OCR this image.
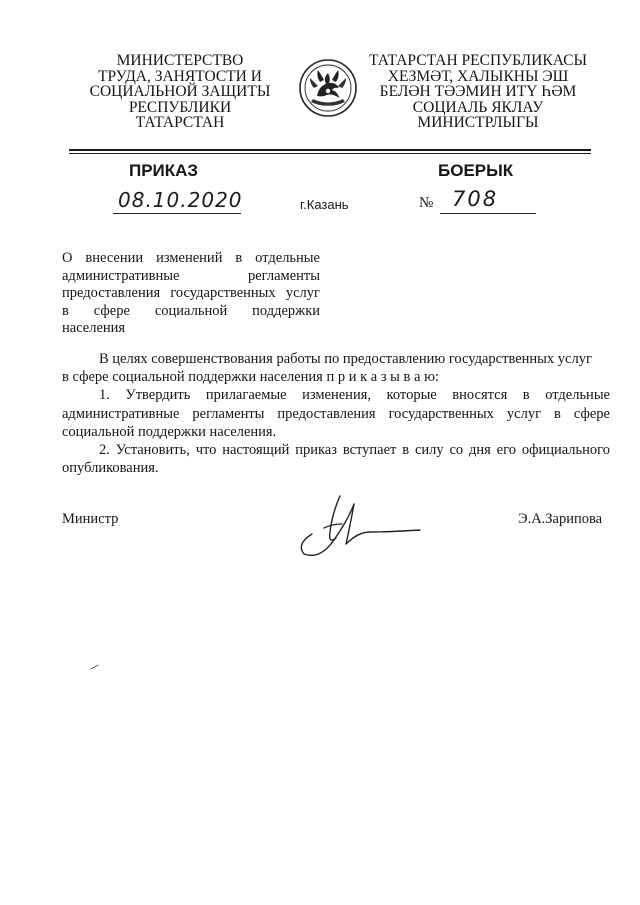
МИНИСТЕРСТВО
ТРУДА, ЗАНЯТОСТИ И
СОЦИАЛЬНОЙ ЗАЩИТЫ
РЕСПУБЛИКИ
ТАТАРСТАН
ТАТАРСТАН РЕСПУБЛИКАСЫ
ХЕЗМӘТ, ХАЛЫКНЫ ЭШ
БЕЛӘН ТӘЭМИН ИТҮ ҺӘМ
СОЦИАЛЬ ЯКЛАУ
МИНИСТРЛЫГЫ
ПРИКАЗ	БОЕРЫК
08.10.2020	г.Казань	№ 708
О внесении изменений в отдельные
административные регламенты
предоставления государственных услуг
в сфере социальной поддержки
населения

В целях совершенствования работы по предоставлению государственных услуг

в сфере социальной поддержки населения п р и к а з ы в а ю:

1. Утвердить прилагаемые изменения, которые вносятся в отдельные административные регламенты предоставления государственных услуг в сфере социальной поддержки населения.

2. Установить, что настоящий приказ вступает в силу со дня его официального опубликования.

Министр	Э.А.Зарипова
